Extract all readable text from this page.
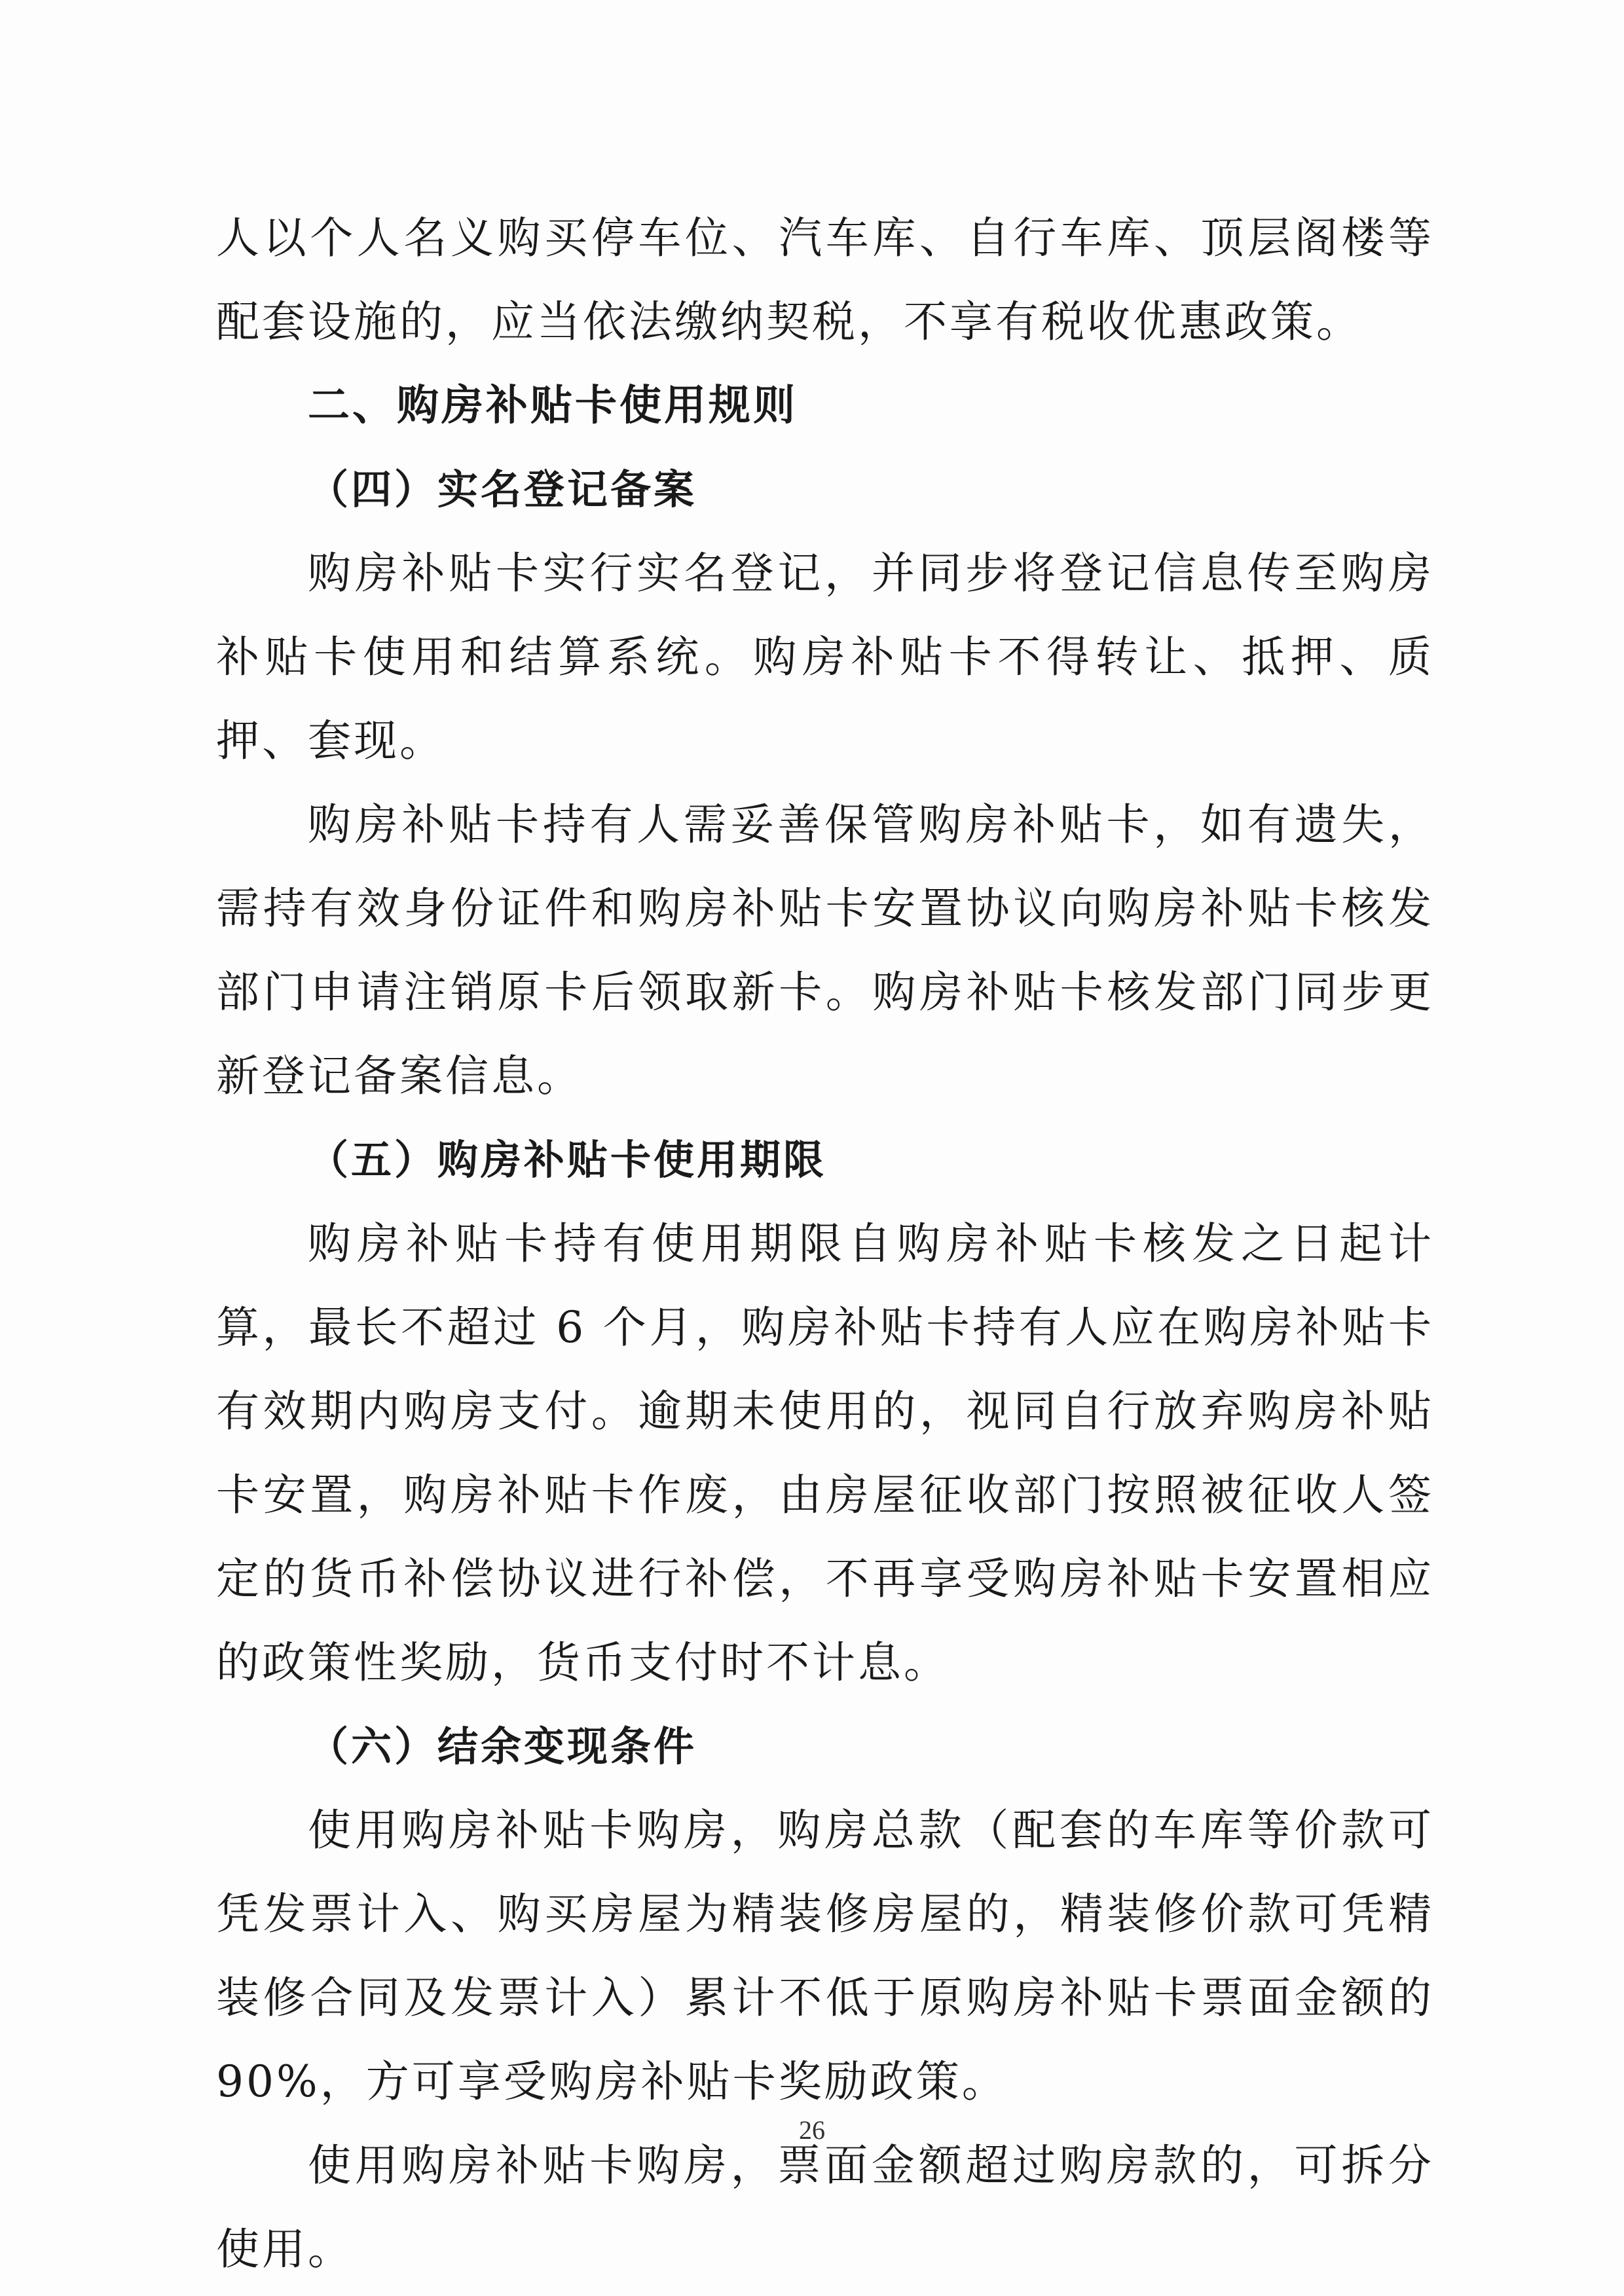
人以个人名义购买停车位、汽车库、自行车库、顶层阁楼等配套设施的，应当依法缴纳契税，不享有税收优惠政策。

二、购房补贴卡使用规则

（四）实名登记备案

购房补贴卡实行实名登记，并同步将登记信息传至购房补贴卡使用和结算系统。购房补贴卡不得转让、抵押、质押、套现。

购房补贴卡持有人需妥善保管购房补贴卡，如有遗失，需持有效身份证件和购房补贴卡安置协议向购房补贴卡核发部门申请注销原卡后领取新卡。购房补贴卡核发部门同步更新登记备案信息。

（五）购房补贴卡使用期限

购房补贴卡持有使用期限自购房补贴卡核发之日起计算，最长不超过 6 个月，购房补贴卡持有人应在购房补贴卡有效期内购房支付。逾期未使用的，视同自行放弃购房补贴卡安置，购房补贴卡作废，由房屋征收部门按照被征收人签定的货币补偿协议进行补偿，不再享受购房补贴卡安置相应的政策性奖励，货币支付时不计息。

（六）结余变现条件

使用购房补贴卡购房，购房总款（配套的车库等价款可凭发票计入、购买房屋为精装修房屋的，精装修价款可凭精装修合同及发票计入）累计不低于原购房补贴卡票面金额的 90%，方可享受购房补贴卡奖励政策。

使用购房补贴卡购房，票面金额超过购房款的，可拆分使用。

26
